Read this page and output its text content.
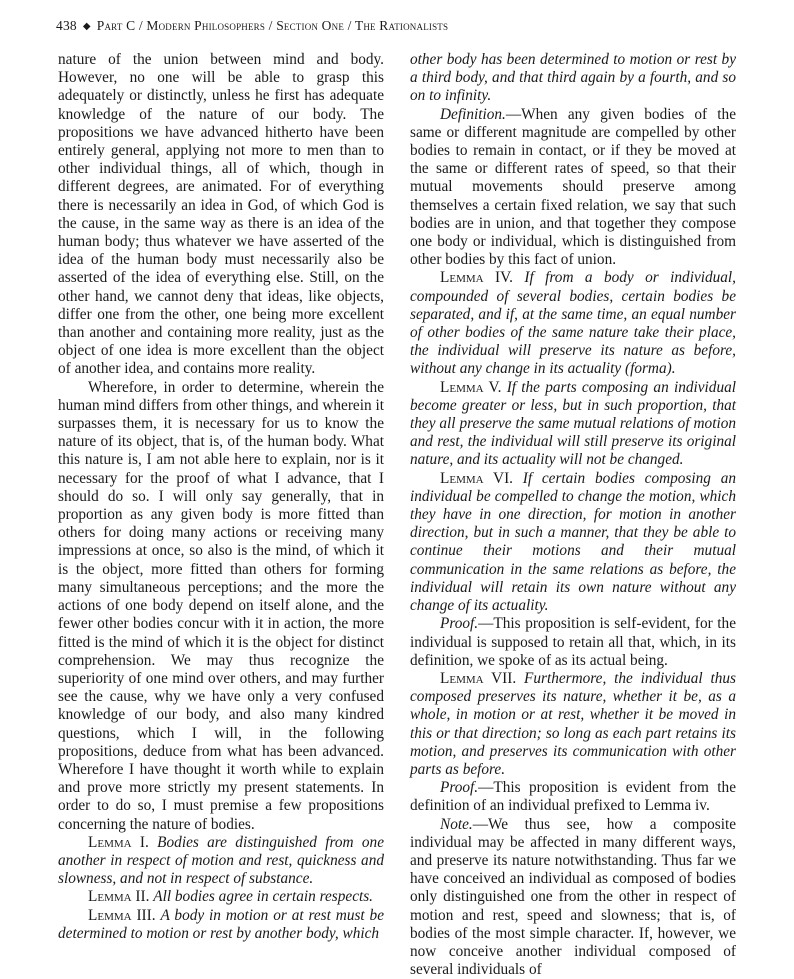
438 ◆ Part C / Modern Philosophers / Section One / The Rationalists

nature of the union between mind and body. However, no one will be able to grasp this adequately or distinctly, unless he first has adequate knowledge of the nature of our body. The propositions we have advanced hitherto have been entirely general, applying not more to men than to other individual things, all of which, though in different degrees, are animated. For of everything there is necessarily an idea in God, of which God is the cause, in the same way as there is an idea of the human body; thus whatever we have asserted of the idea of the human body must necessarily also be asserted of the idea of everything else. Still, on the other hand, we cannot deny that ideas, like objects, differ one from the other, one being more excellent than another and containing more reality, just as the object of one idea is more excellent than the object of another idea, and contains more reality.

Wherefore, in order to determine, wherein the human mind differs from other things, and wherein it surpasses them, it is necessary for us to know the nature of its object, that is, of the human body. What this nature is, I am not able here to explain, nor is it necessary for the proof of what I advance, that I should do so. I will only say generally, that in proportion as any given body is more fitted than others for doing many actions or receiving many impressions at once, so also is the mind, of which it is the object, more fitted than others for forming many simultaneous perceptions; and the more the actions of one body depend on itself alone, and the fewer other bodies concur with it in action, the more fitted is the mind of which it is the object for distinct comprehension. We may thus recognize the superiority of one mind over others, and may further see the cause, why we have only a very confused knowledge of our body, and also many kindred questions, which I will, in the following propositions, deduce from what has been advanced. Wherefore I have thought it worth while to explain and prove more strictly my present statements. In order to do so, I must premise a few propositions concerning the nature of bodies.

Lemma I. Bodies are distinguished from one another in respect of motion and rest, quickness and slowness, and not in respect of substance.

Lemma II. All bodies agree in certain respects.

Lemma III. A body in motion or at rest must be determined to motion or rest by another body, which

other body has been determined to motion or rest by a third body, and that third again by a fourth, and so on to infinity.

Definition.—When any given bodies of the same or different magnitude are compelled by other bodies to remain in contact, or if they be moved at the same or different rates of speed, so that their mutual movements should preserve among themselves a certain fixed relation, we say that such bodies are in union, and that together they compose one body or individual, which is distinguished from other bodies by this fact of union.

Lemma IV. If from a body or individual, compounded of several bodies, certain bodies be separated, and if, at the same time, an equal number of other bodies of the same nature take their place, the individual will preserve its nature as before, without any change in its actuality (forma).

Lemma V. If the parts composing an individual become greater or less, but in such proportion, that they all preserve the same mutual relations of motion and rest, the individual will still preserve its original nature, and its actuality will not be changed.

Lemma VI. If certain bodies composing an individual be compelled to change the motion, which they have in one direction, for motion in another direction, but in such a manner, that they be able to continue their motions and their mutual communication in the same relations as before, the individual will retain its own nature without any change of its actuality.

Proof.—This proposition is self-evident, for the individual is supposed to retain all that, which, in its definition, we spoke of as its actual being.

Lemma VII. Furthermore, the individual thus composed preserves its nature, whether it be, as a whole, in motion or at rest, whether it be moved in this or that direction; so long as each part retains its motion, and preserves its communication with other parts as before.

Proof.—This proposition is evident from the definition of an individual prefixed to Lemma iv.

Note.—We thus see, how a composite individual may be affected in many different ways, and preserve its nature notwithstanding. Thus far we have conceived an individual as composed of bodies only distinguished one from the other in respect of motion and rest, speed and slowness; that is, of bodies of the most simple character. If, however, we now conceive another individual composed of several individuals of
